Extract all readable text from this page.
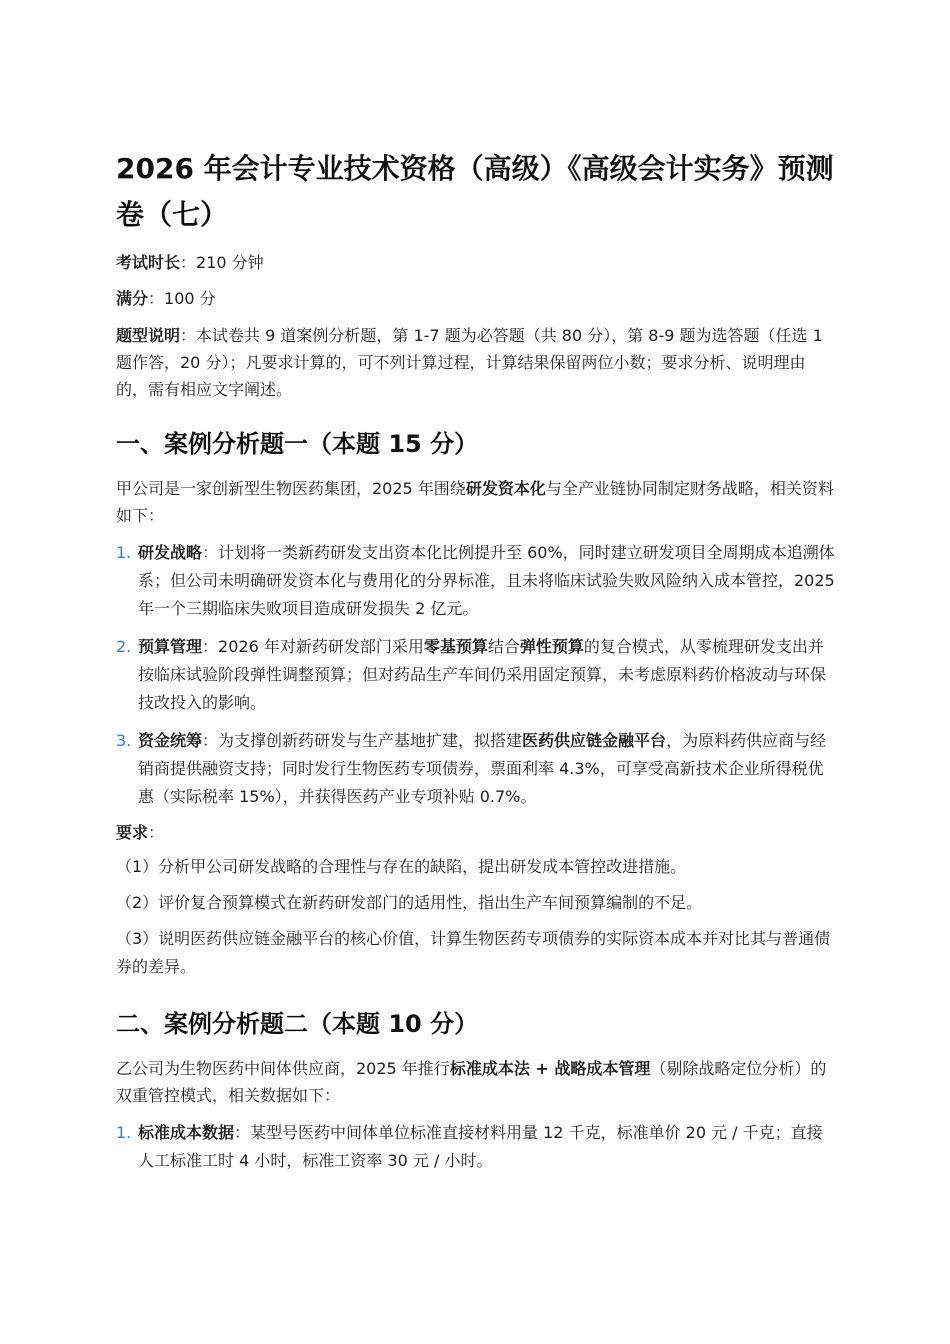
2026 年会计专业技术资格（高级）《高级会计实务》预测卷（七）

考试时长：210 分钟

满分：100 分

题型说明：本试卷共 9 道案例分析题，第 1-7 题为必答题（共 80 分），第 8-9 题为选答题（任选 1 题作答，20 分）；凡要求计算的，可不列计算过程，计算结果保留两位小数；要求分析、说明理由的，需有相应文字阐述。

一、案例分析题一（本题 15 分）

甲公司是一家创新型生物医药集团，2025 年围绕研发资本化与全产业链协同制定财务战略，相关资料如下：

1. 研发战略：计划将一类新药研发支出资本化比例提升至 60%，同时建立研发项目全周期成本追溯体系；但公司未明确研发资本化与费用化的分界标准，且未将临床试验失败风险纳入成本管控，2025 年一个三期临床失败项目造成研发损失 2 亿元。
2. 预算管理：2026 年对新药研发部门采用零基预算结合弹性预算的复合模式，从零梳理研发支出并按临床试验阶段弹性调整预算；但对药品生产车间仍采用固定预算，未考虑原料药价格波动与环保技改投入的影响。
3. 资金统筹：为支撑创新药研发与生产基地扩建，拟搭建医药供应链金融平台，为原料药供应商与经销商提供融资支持；同时发行生物医药专项债券，票面利率 4.3%，可享受高新技术企业所得税优惠（实际税率 15%），并获得医药产业专项补贴 0.7%。

要求：

（1）分析甲公司研发战略的合理性与存在的缺陷，提出研发成本管控改进措施。

（2）评价复合预算模式在新药研发部门的适用性，指出生产车间预算编制的不足。

（3）说明医药供应链金融平台的核心价值，计算生物医药专项债券的实际资本成本并对比其与普通债券的差异。

二、案例分析题二（本题 10 分）

乙公司为生物医药中间体供应商，2025 年推行标准成本法 + 战略成本管理（剔除战略定位分析）的双重管控模式，相关数据如下：

1. 标准成本数据：某型号医药中间体单位标准直接材料用量 12 千克，标准单价 20 元 / 千克；直接人工标准工时 4 小时，标准工资率 30 元 / 小时。
